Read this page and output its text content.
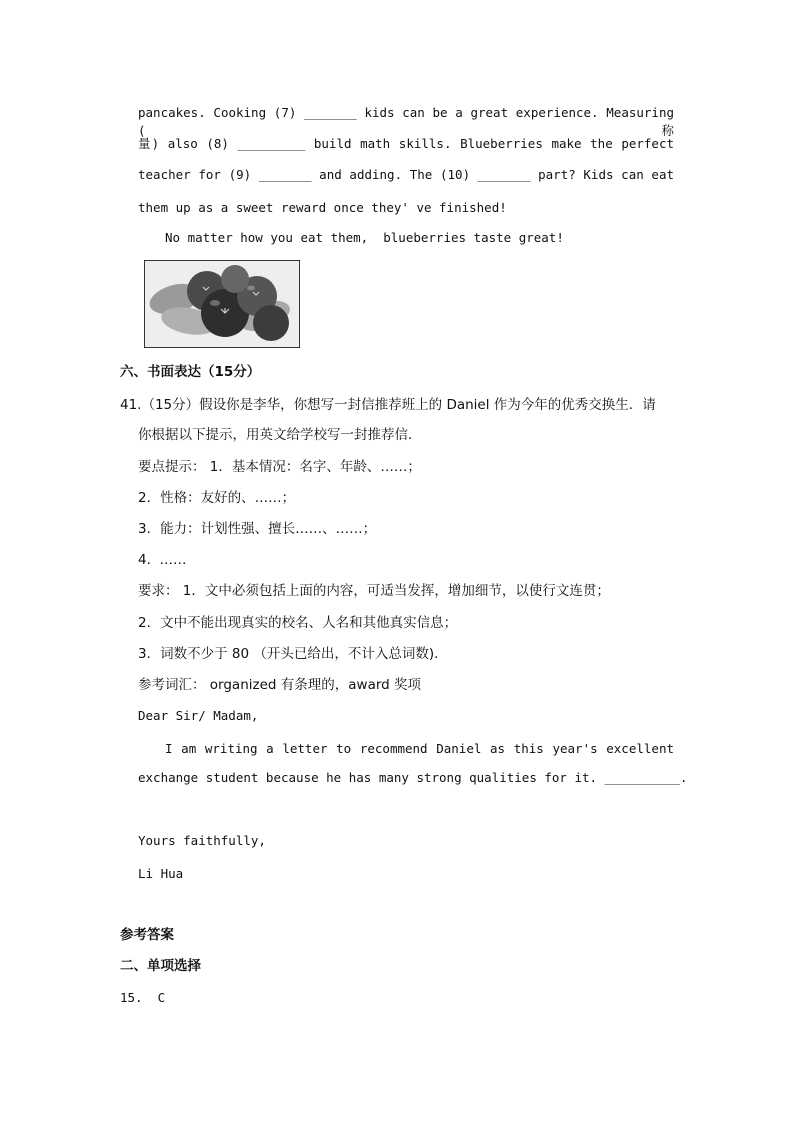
pancakes. Cooking (7) _______ kids can be a great experience. Measuring (称
量) also (8) _________ build math skills. Blueberries make the perfect
teacher for (9) _______ and adding. The (10) _______ part? Kids can eat
them up as a sweet reward once they' ve finished!
No matter how you eat them,  blueberries taste great!
六、书面表达（15分）
41.（15分）假设你是李华，你想写一封信推荐班上的 Daniel 作为今年的优秀交换生．请
你根据以下提示，用英文给学校写一封推荐信．
要点提示： 1．基本情况：名字、年龄、……；
2．性格：友好的、……；
3．能力：计划性强、擅长……、……；
4.  ……
要求： 1．文中必须包括上面的内容，可适当发挥，增加细节，以使行文连贯；
2．文中不能出现真实的校名、人名和其他真实信息；
3．词数不少于 80 （开头已给出，不计入总词数)．
参考词汇： organized 有条理的，award 奖项
Dear Sir/ Madam,
I am writing a letter to recommend Daniel as this year's excellent
exchange student because he has many strong qualities for it. __________.
Yours faithfully,
Li Hua
参考答案
二、单项选择
15.  C
